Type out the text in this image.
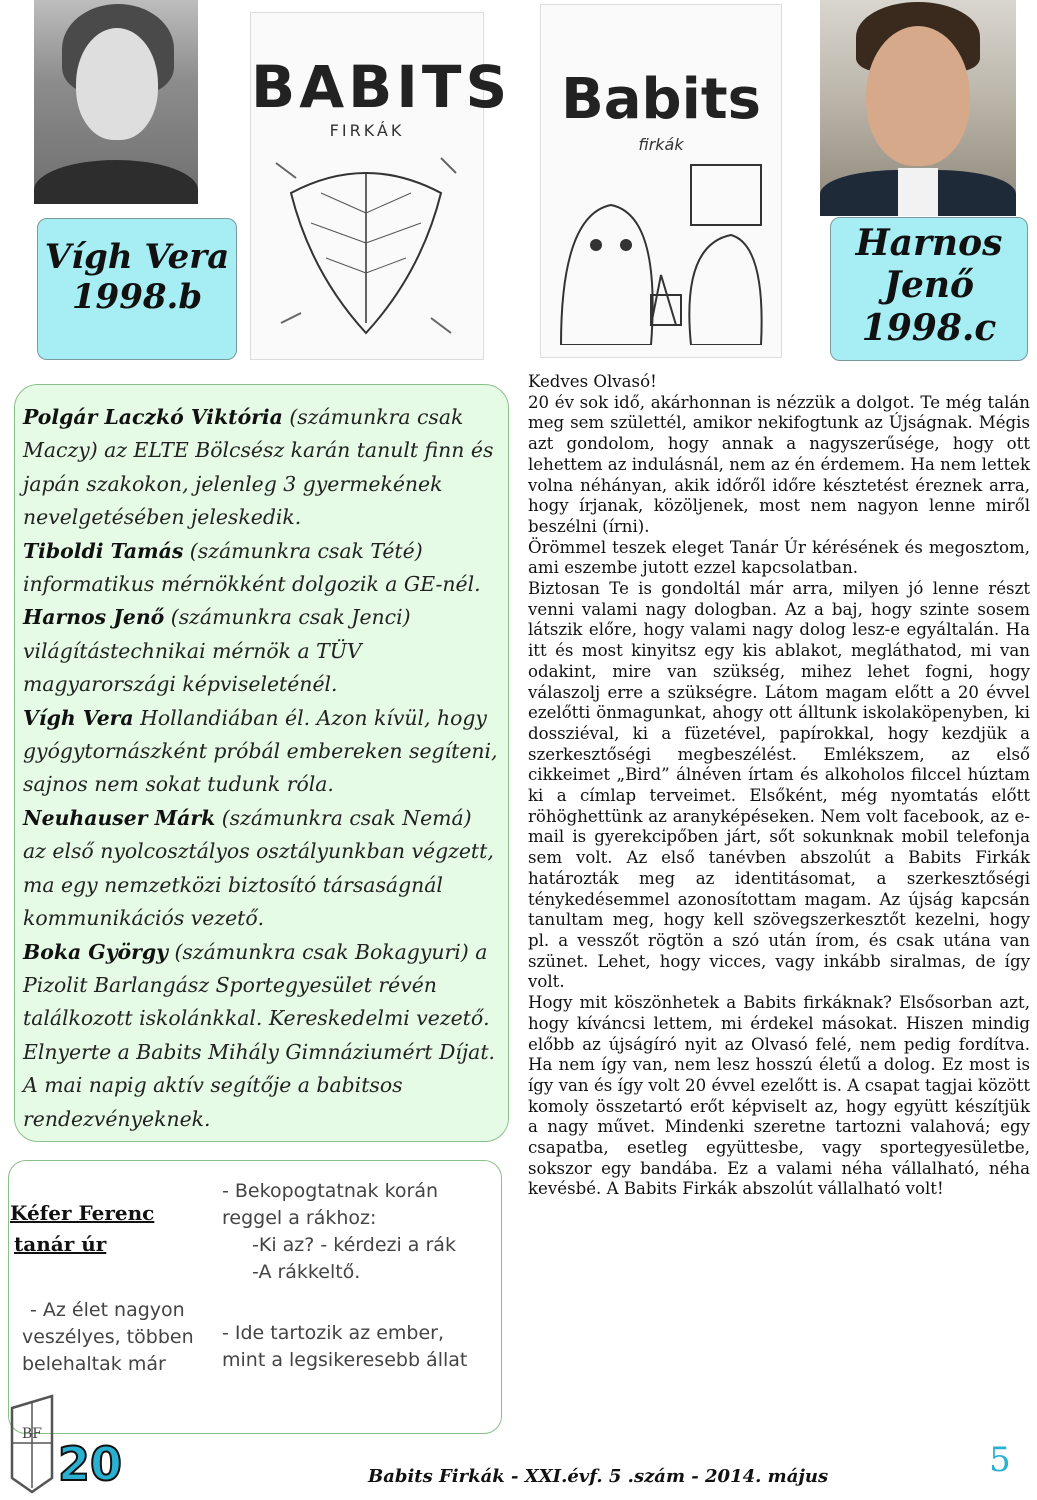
BABITS
FIRKÁK	Babits
firkák
Vígh Vera
1998.b
Harnos
Jenő
1998.c

Polgár Laczkó Viktória (számunkra csak Maczy) az ELTE Bölcsész karán tanult finn és japán szakokon, jelenleg 3 gyermekének nevelgetésében jeleskedik.

Tiboldi Tamás (számunkra csak Tété) informatikus mérnökként dolgozik a GE-nél.

Harnos Jenő (számunkra csak Jenci) világítástechnikai mérnök a TÜV magyarországi képviseleténél.

Vígh Vera Hollandiában él. Azon kívül, hogy gyógytornászként próbál embereken segíteni, sajnos nem sokat tudunk róla.

Neuhauser Márk (számunkra csak Nemá) az első nyolcosztályos osztályunkban végzett, ma egy nemzetközi biztosító társaságnál kommunikációs vezető.

Boka György (számunkra csak Bokagyuri) a Pizolit Barlangász Sportegyesület révén találkozott iskolánkkal. Kereskedelmi vezető. Elnyerte a Babits Mihály Gimnáziumért Díjat. A mai napig aktív segítője a babitsos rendezvényeknek.

Kéfer Ferenc
tanár úr

- Bekopogtatnak korán

reggel a rákhoz:

-Ki az? - kérdezi a rák

-A rákkeltő.

- Az élet nagyon

veszélyes, többen

belehaltak már

- Ide tartozik az ember,

mint a legsikeresebb állat

Kedves Olvasó!

20 év sok idő, akárhonnan is nézzük a dolgot. Te még talán meg sem születtél, amikor nekifogtunk az Újságnak. Mégis azt gondolom, hogy annak a nagyszerűsége, hogy ott lehettem az indulásnál, nem az én érdemem. Ha nem lettek volna néhányan, akik időről időre késztetést éreznek arra, hogy írjanak, közöljenek, most nem nagyon lenne miről beszélni (írni).

Örömmel teszek eleget Tanár Úr kérésének és megosztom, ami eszembe jutott ezzel kapcsolatban.

Biztosan Te is gondoltál már arra, milyen jó lenne részt venni valami nagy dologban. Az a baj, hogy szinte sosem látszik előre, hogy valami nagy dolog lesz-e egyáltalán. Ha itt és most kinyitsz egy kis ablakot, megláthatod, mi van odakint, mire van szükség, mihez lehet fogni, hogy válaszolj erre a szükségre. Látom magam előtt a 20 évvel ezelőtti önmagunkat, ahogy ott álltunk iskolaköpenyben, ki dossziéval, ki a füzetével, papírokkal, hogy kezdjük a szerkesztőségi megbeszélést. Emlékszem, az első cikkeimet „Bird” álnéven írtam és alkoholos filccel húztam ki a címlap terveimet. Elsőként, még nyomtatás előtt röhöghettünk az aranyképéseken. Nem volt facebook, az e-mail is gyerekcipőben járt, sőt sokunknak mobil telefonja sem volt. Az első tanévben abszolút a Babits Firkák határozták meg az identitásomat, a szerkesztőségi ténykedésemmel azonosítottam magam. Az újság kapcsán tanultam meg, hogy kell szövegszerkesztőt kezelni, hogy pl. a vesszőt rögtön a szó után írom, és csak utána van szünet. Lehet, hogy vicces, vagy inkább siralmas, de így volt.

Hogy mit köszönhetek a Babits firkáknak? Elsősorban azt, hogy kíváncsi lettem, mi érdekel másokat. Hiszen mindig előbb az újságíró nyit az Olvasó felé, nem pedig fordítva. Ha nem így van, nem lesz hosszú életű a dolog. Ez most is így van és így volt 20 évvel ezelőtt is. A csapat tagjai között komoly összetartó erőt képviselt az, hogy együtt készítjük a nagy művet. Mindenki szeretne tartozni valahová; egy csapatba, esetleg együttesbe, vagy sportegyesületbe, sokszor egy bandába. Ez a valami néha vállalható, néha kevésbé. A Babits Firkák abszolút vállalható volt!

BF
20	Babits Firkák - XXI.évf. 5 .szám - 2014. május	5
